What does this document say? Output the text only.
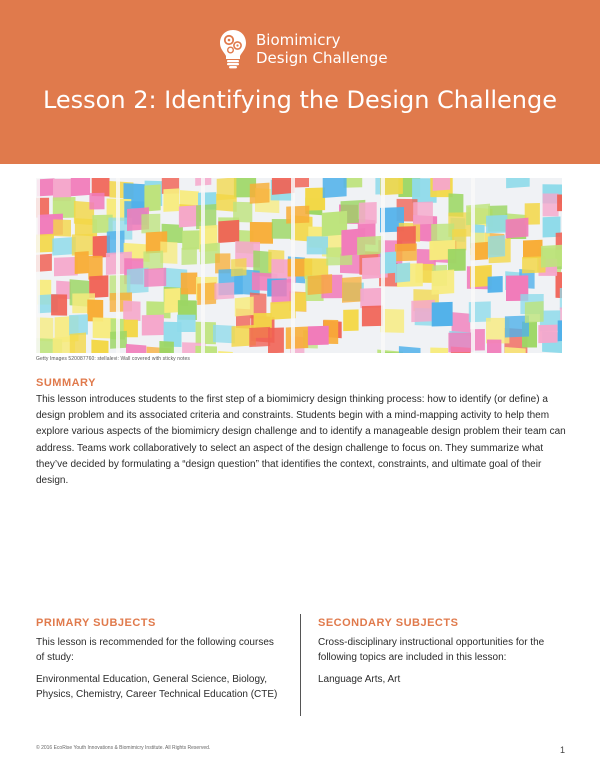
Biomimicry
Design Challenge
Lesson 2: Identifying the Design Challenge
Getty Images 520087760: stellalevi: Wall covered with sticky notes
SUMMARY

This lesson introduces students to the first step of a biomimicry design thinking process: how to identify (or define) a design problem and its associated criteria and constraints. Students begin with a mind-mapping activity to help them explore various aspects of the biomimicry design challenge and to identify a manageable design problem their team can address. Teams work collaboratively to select an aspect of the design challenge to focus on. They summarize what they’ve decided by formulating a “design question” that identifies the context, constraints, and ultimate goal of their design.

PRIMARY SUBJECTS

This lesson is recommended for the following courses of study:

Environmental Education, General Science, Biology, Physics, Chemistry, Career Technical Education (CTE)

SECONDARY SUBJECTS

Cross-disciplinary instructional opportunities for the following topics are included in this lesson:

Language Arts, Art

© 2016 EcoRise Youth Innovations & Biomimicry Institute. All Rights Reserved.	1
